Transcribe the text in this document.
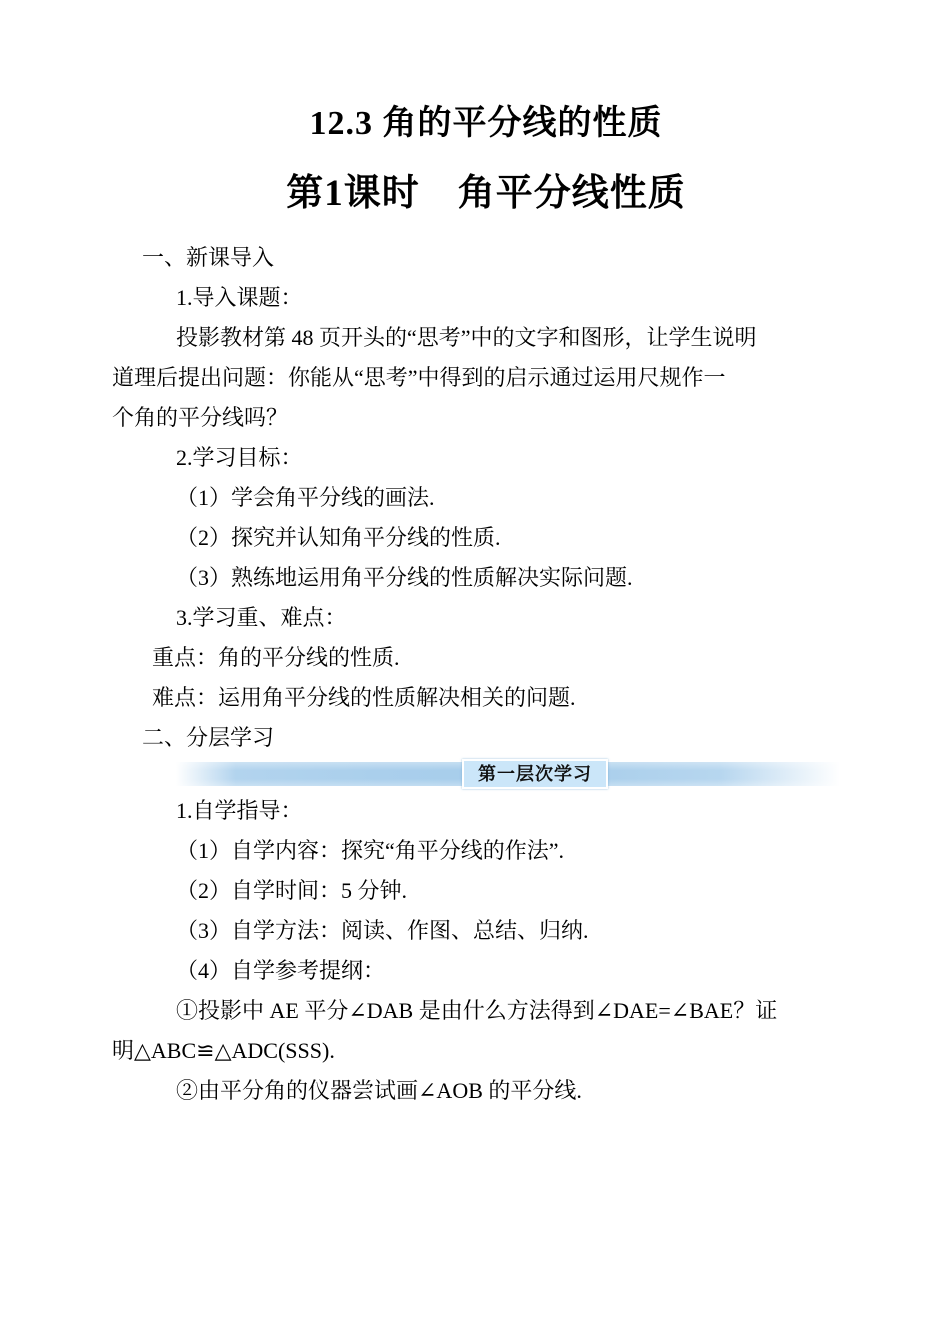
12.3 角的平分线的性质
第1课时　角平分线性质
一、新课导入
1.导入课题：
投影教材第 48 页开头的“思考”中的文字和图形，让学生说明
道理后提出问题：你能从“思考”中得到的启示通过运用尺规作一
个角的平分线吗？
2.学习目标：
（1）学会角平分线的画法.
（2）探究并认知角平分线的性质.
（3）熟练地运用角平分线的性质解决实际问题.
3.学习重、难点：
重点：角的平分线的性质.
难点：运用角平分线的性质解决相关的问题.
二、分层学习
第一层次学习
1.自学指导：
（1）自学内容：探究“角平分线的作法”.
（2）自学时间：5 分钟.
（3）自学方法：阅读、作图、总结、归纳.
（4）自学参考提纲：
①投影中 AE 平分∠DAB 是由什么方法得到∠DAE=∠BAE？证
明△ABC≌△ADC(SSS).
②由平分角的仪器尝试画∠AOB 的平分线.
